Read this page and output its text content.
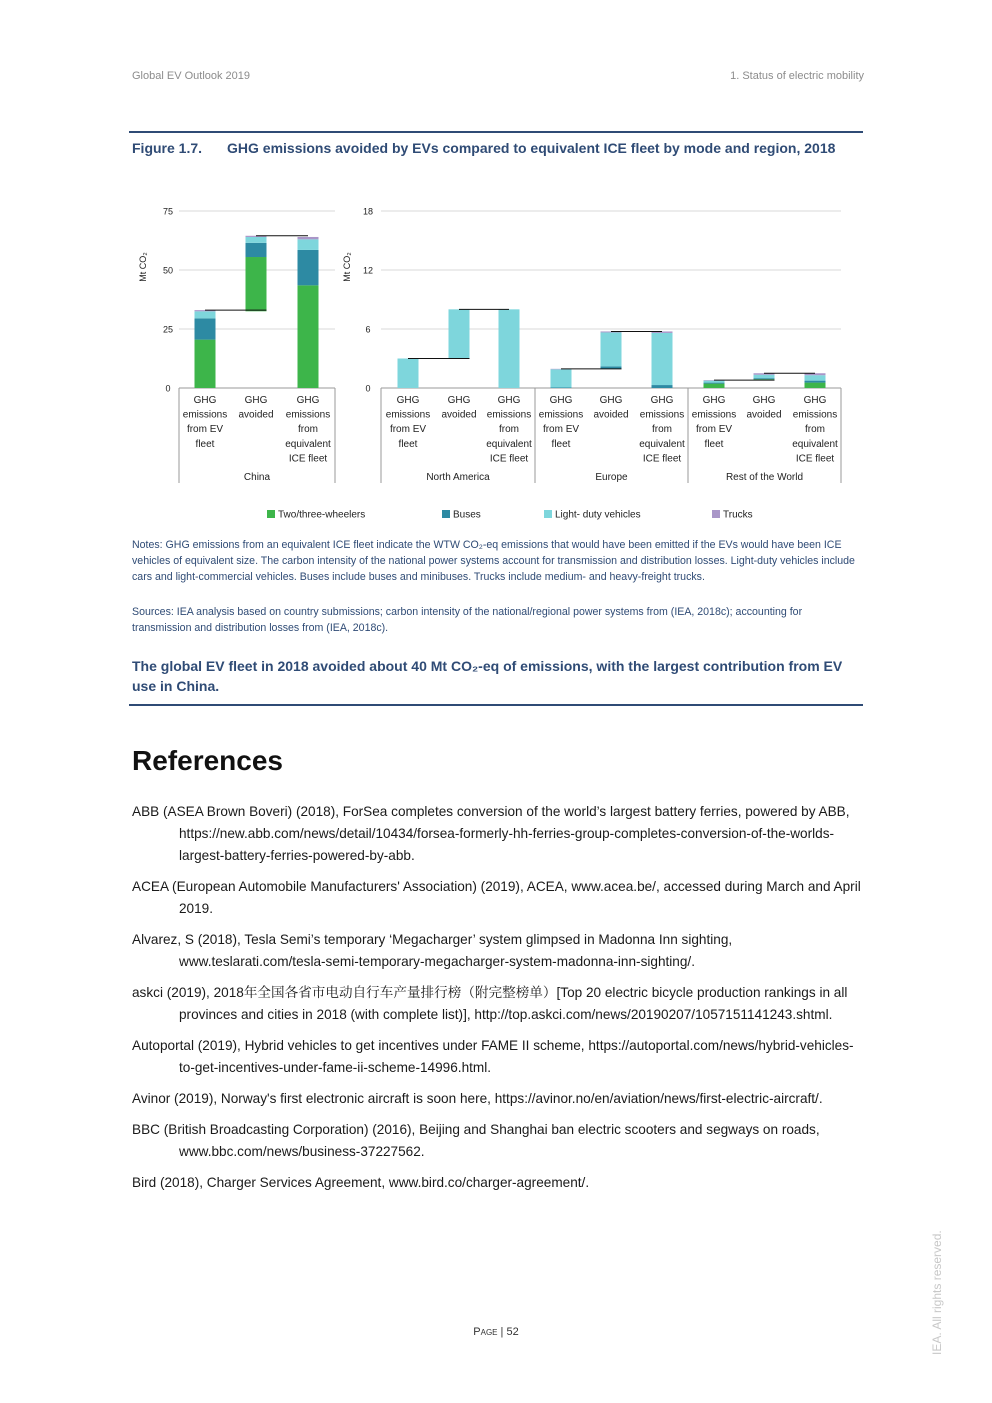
Global EV Outlook 2019	1. Status of electric mobility
Figure 1.7. GHG emissions avoided by EVs compared to equivalent ICE fleet by mode and region, 2018
0
25
50
75
Mt CO₂
China
GHG
emissions
from EV
fleet
GHG
avoided
GHG
emissions
from
equivalent
ICE fleet
0
6
12
18
Mt CO₂
North America
GHG
emissions
from EV
fleet
GHG
avoided
GHG
emissions
from
equivalent
ICE fleet
Europe
GHG
emissions
from EV
fleet
GHG
avoided
GHG
emissions
from
equivalent
ICE fleet
Rest of the World
GHG
emissions
from EV
fleet
GHG
avoided
GHG
emissions
from
equivalent
ICE fleet
Two/three-wheelers	Buses	Light- duty vehicles	Trucks
Notes: GHG emissions from an equivalent ICE fleet indicate the WTW CO₂-eq emissions that would have been emitted if the EVs would have been ICE vehicles of equivalent size. The carbon intensity of the national power systems account for transmission and distribution losses. Light-duty vehicles include cars and light-commercial vehicles. Buses include buses and minibuses. Trucks include medium- and heavy-freight trucks.
Sources: IEA analysis based on country submissions; carbon intensity of the national/regional power systems from (IEA, 2018c); accounting for transmission and distribution losses from (IEA, 2018c).
The global EV fleet in 2018 avoided about 40 Mt CO₂-eq of emissions, with the largest contribution from EV use in China.
References

ABB (ASEA Brown Boveri) (2018), ForSea completes conversion of the world’s largest battery ferries, powered by ABB, https://new.abb.com/news/detail/10434/forsea-formerly-hh-ferries-group-completes-conversion-of-the-worlds-largest-battery-ferries-powered-by-abb.

ACEA (European Automobile Manufacturers' Association) (2019), ACEA, www.acea.be/, accessed during March and April 2019.

Alvarez, S (2018), Tesla Semi’s temporary ‘Megacharger’ system glimpsed in Madonna Inn sighting, www.teslarati.com/tesla-semi-temporary-megacharger-system-madonna-inn-sighting/.

askci (2019), 2018年全国各省市电动自行车产量排行榜（附完整榜单）[Top 20 electric bicycle production rankings in all provinces and cities in 2018 (with complete list)], http://top.askci.com/news/20190207/1057151141243.shtml.

Autoportal (2019), Hybrid vehicles to get incentives under FAME II scheme, https://autoportal.com/news/hybrid-vehicles-to-get-incentives-under-fame-ii-scheme-14996.html.

Avinor (2019), Norway's first electronic aircraft is soon here, https://avinor.no/en/aviation/news/first-electric-aircraft/.

BBC (British Broadcasting Corporation) (2016), Beijing and Shanghai ban electric scooters and segways on roads, www.bbc.com/news/business-37227562.

Bird (2018), Charger Services Agreement, www.bird.co/charger-agreement/.

Page | 52	IEA. All rights reserved.
